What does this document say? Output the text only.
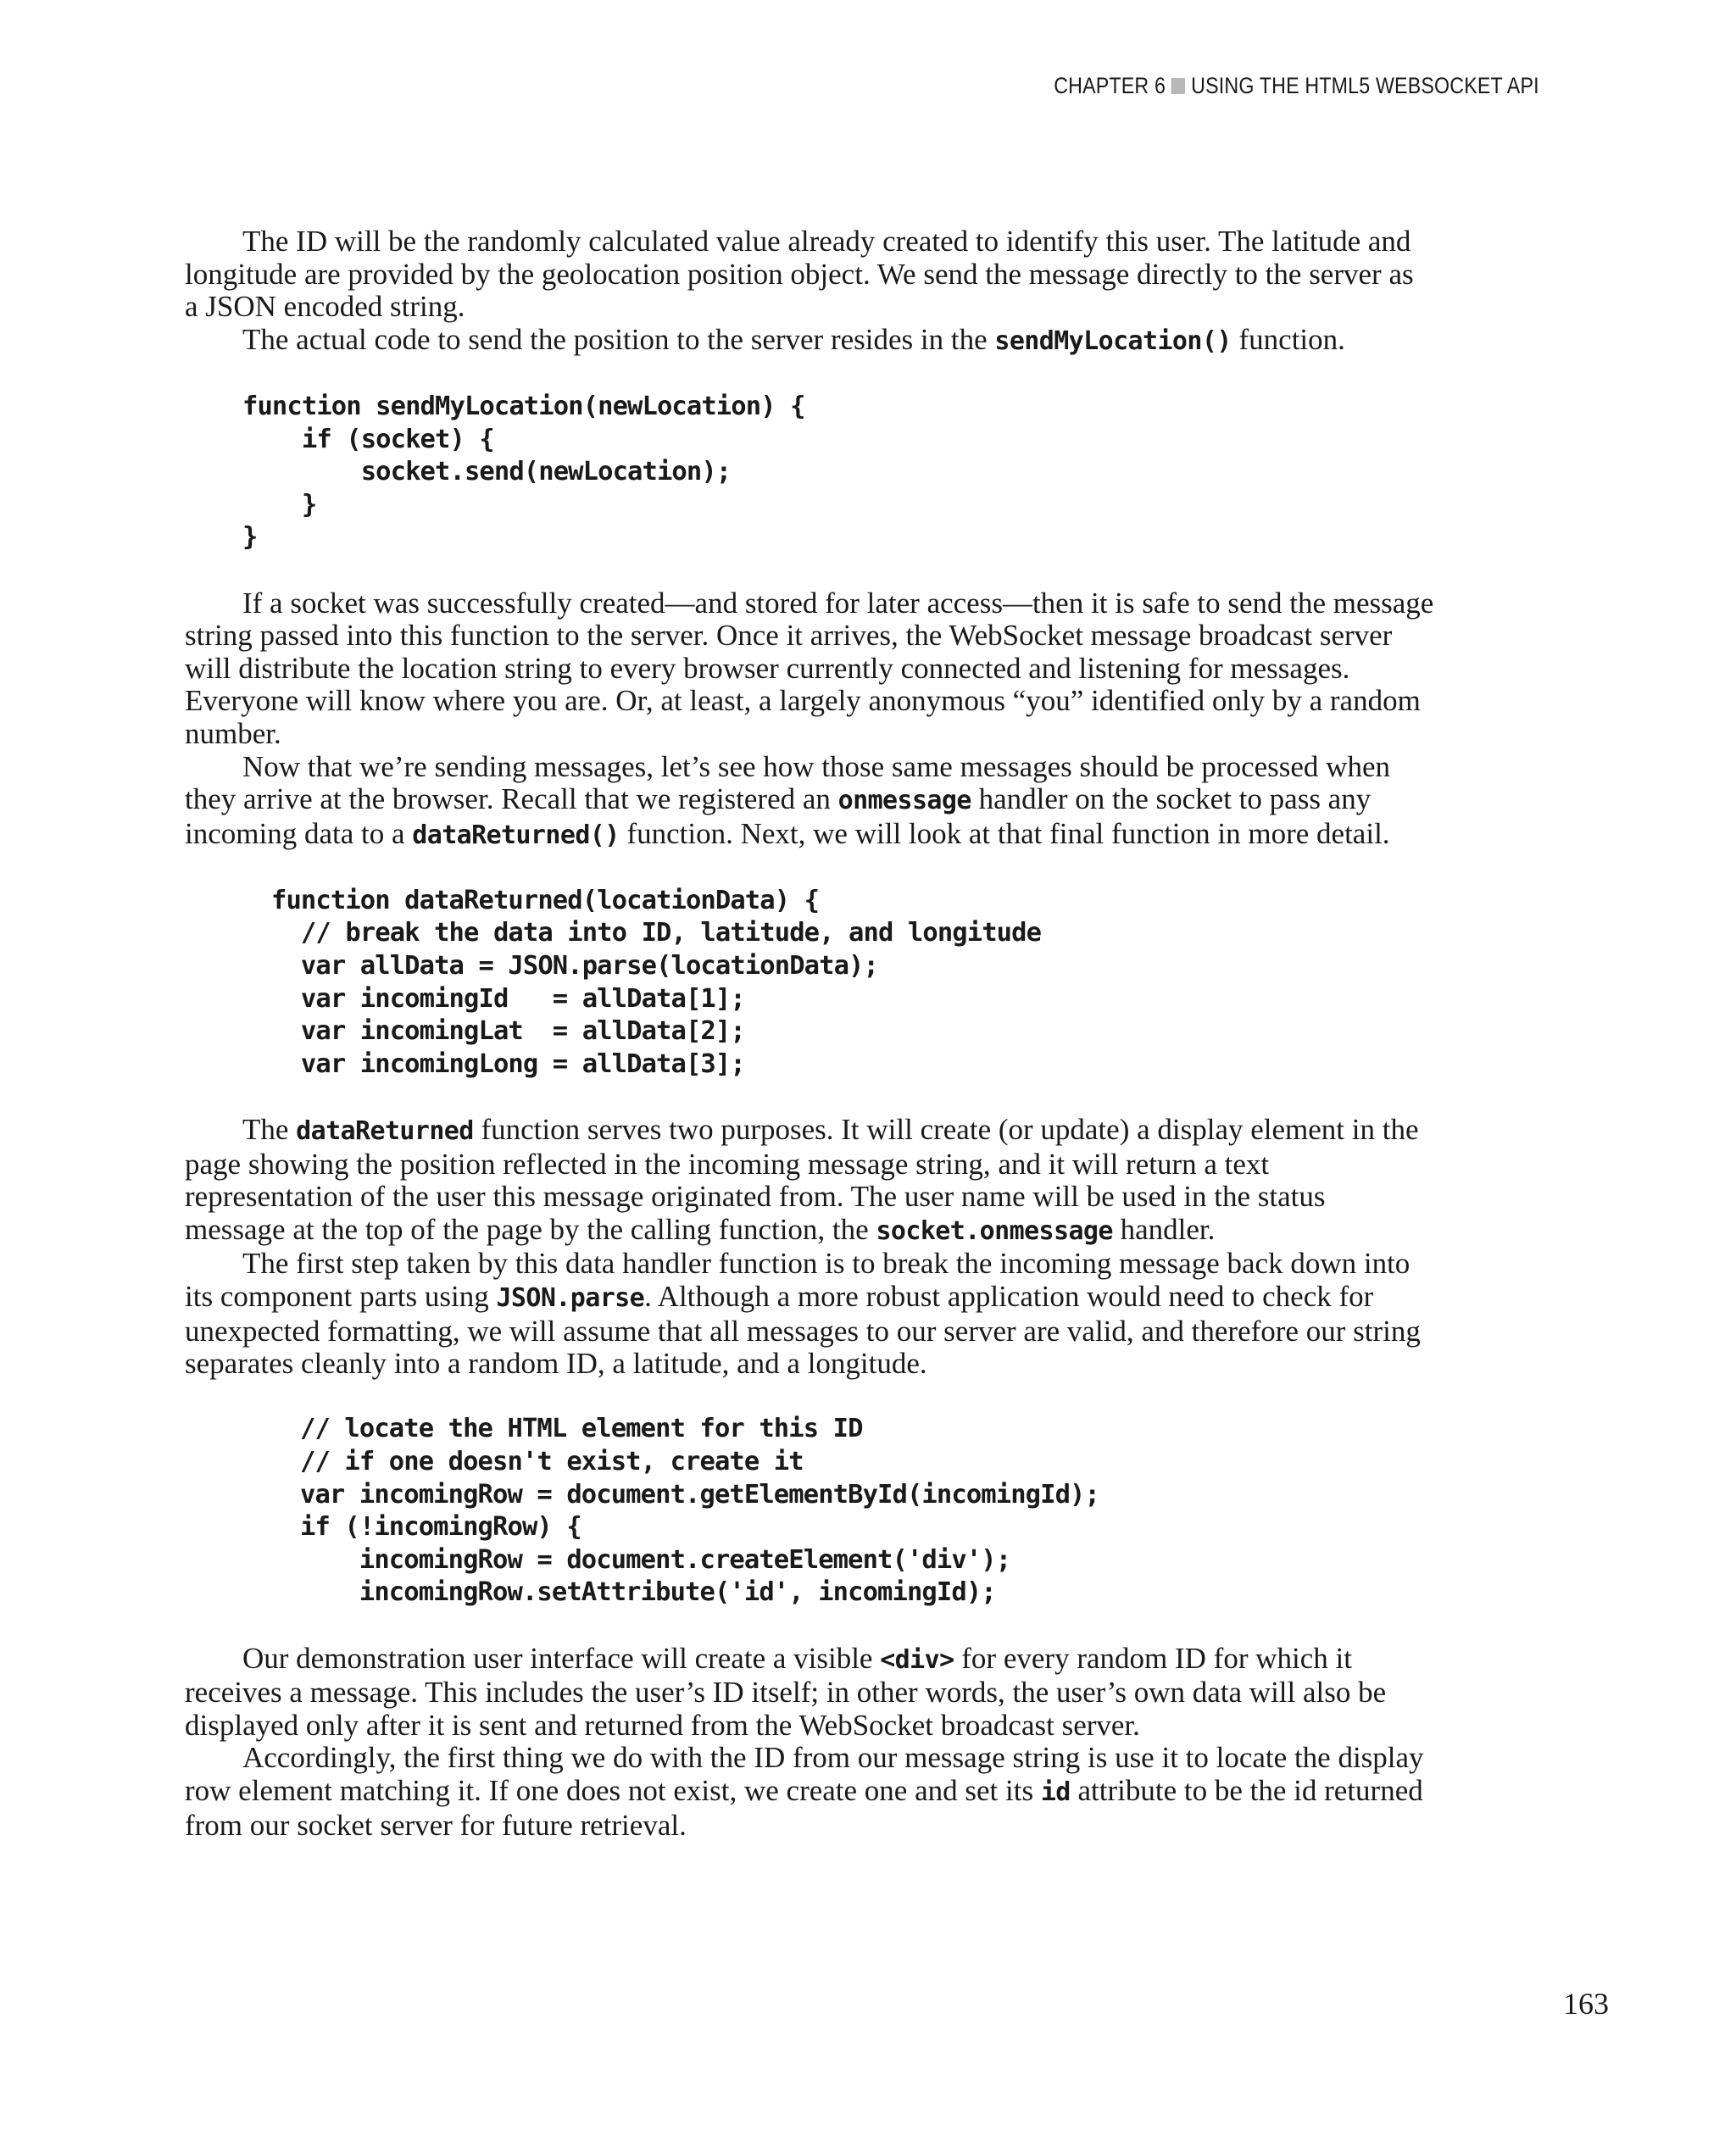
CHAPTER 6 USING THE HTML5 WEBSOCKET API

The ID will be the randomly calculated value already created to identify this user. The latitude and

longitude are provided by the geolocation position object. We send the message directly to the server as

a JSON encoded string.

The actual code to send the position to the server resides in the sendMyLocation() function.

function sendMyLocation(newLocation) {
if (socket) {
socket.send(newLocation);
}
}

If a socket was successfully created—and stored for later access—then it is safe to send the message

string passed into this function to the server. Once it arrives, the WebSocket message broadcast server

will distribute the location string to every browser currently connected and listening for messages.

Everyone will know where you are. Or, at least, a largely anonymous “you” identified only by a random

number.

Now that we’re sending messages, let’s see how those same messages should be processed when

they arrive at the browser. Recall that we registered an onmessage handler on the socket to pass any

incoming data to a dataReturned() function. Next, we will look at that final function in more detail.

function dataReturned(locationData) {
// break the data into ID, latitude, and longitude
var allData = JSON.parse(locationData);
var incomingId   = allData[1];
var incomingLat  = allData[2];
var incomingLong = allData[3];

The dataReturned function serves two purposes. It will create (or update) a display element in the

page showing the position reflected in the incoming message string, and it will return a text

representation of the user this message originated from. The user name will be used in the status

message at the top of the page by the calling function, the socket.onmessage handler.

The first step taken by this data handler function is to break the incoming message back down into

its component parts using JSON.parse. Although a more robust application would need to check for

unexpected formatting, we will assume that all messages to our server are valid, and therefore our string

separates cleanly into a random ID, a latitude, and a longitude.

// locate the HTML element for this ID
// if one doesn't exist, create it
var incomingRow = document.getElementById(incomingId);
if (!incomingRow) {
incomingRow = document.createElement('div');
incomingRow.setAttribute('id', incomingId);

Our demonstration user interface will create a visible <div> for every random ID for which it

receives a message. This includes the user’s ID itself; in other words, the user’s own data will also be

displayed only after it is sent and returned from the WebSocket broadcast server.

Accordingly, the first thing we do with the ID from our message string is use it to locate the display

row element matching it. If one does not exist, we create one and set its id attribute to be the id returned

from our socket server for future retrieval.

163
